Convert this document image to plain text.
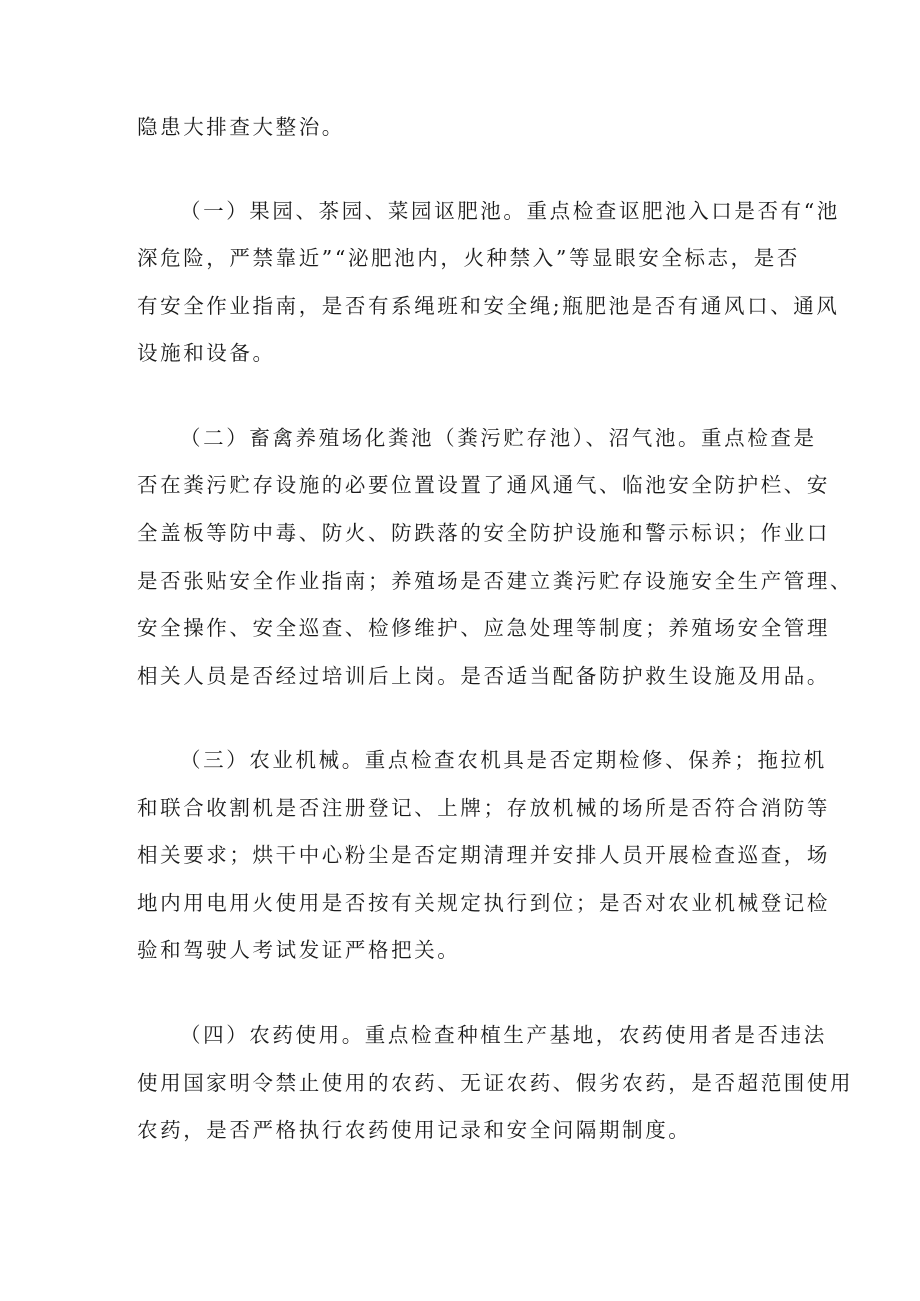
隐患大排查大整治。
（一）果园、茶园、菜园讴肥池。重点检查讴肥池入口是否有“池
深危险，严禁靠近”“泌肥池内，火种禁入”等显眼安全标志，是否
有安全作业指南，是否有系绳班和安全绳;瓶肥池是否有通风口、通风
设施和设备。
（二）畜禽养殖场化粪池（粪污贮存池）、沼气池。重点检查是
否在粪污贮存设施的必要位置设置了通风通气、临池安全防护栏、安
全盖板等防中毒、防火、防跌落的安全防护设施和警示标识；作业口
是否张贴安全作业指南；养殖场是否建立粪污贮存设施安全生产管理、
安全操作、安全巡查、检修维护、应急处理等制度；养殖场安全管理
相关人员是否经过培训后上岗。是否适当配备防护救生设施及用品。
（三）农业机械。重点检查农机具是否定期检修、保养；拖拉机
和联合收割机是否注册登记、上牌；存放机械的场所是否符合消防等
相关要求；烘干中心粉尘是否定期清理并安排人员开展检查巡查，场
地内用电用火使用是否按有关规定执行到位；是否对农业机械登记检
验和驾驶人考试发证严格把关。
（四）农药使用。重点检查种植生产基地，农药使用者是否违法
使用国家明令禁止使用的农药、无证农药、假劣农药，是否超范围使用
农药，是否严格执行农药使用记录和安全问隔期制度。
